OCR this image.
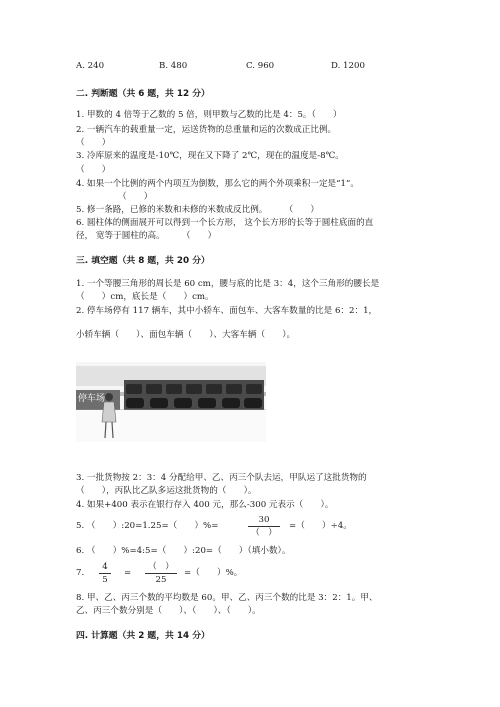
A. 240	B. 480	C. 960	D. 1200
二. 判断题（共 6 题，共 12 分）
1. 甲数的 4 倍等于乙数的 5 倍，则甲数与乙数的比是 4：5。（　　）
2. 一辆汽车的载重量一定，运送货物的总重量和运的次数成正比例。
（　　）
3. 冷库原来的温度是-10℃，现在又下降了 2℃，现在的温度是-8℃。
（　　）
4. 如果一个比例的两个内项互为倒数，那么它的两个外项乘积一定是“1”。
（　　）
5. 修一条路，已修的米数和未修的米数成反比例。　　　（　　）
6. 圆柱体的侧面展开可以得到一个长方形， 这个长方形的长等于圆柱底面的直
径， 宽等于圆柱的高。　　　（　　）
三. 填空题（共 8 题，共 20 分）
1. 一个等腰三角形的周长是 60 cm，腰与底的比是 3：4，这个三角形的腰长是
（　　）cm，底长是（　　）cm。
2. 停车场停有 117 辆车，其中小轿车、面包车、大客车数量的比是 6：2：1，
小轿车辆（　　）、面包车辆（　　）、大客车辆（　　）。
停车场
3. 一批货物按 2：3：4 分配给甲、乙、丙三个队去运，甲队运了这批货物的
（　　），丙队比乙队多运这批货物的（　　）。
4. 如果+400 表示在银行存入 400 元，那么-300 元表示（　　）。
5. （　　）:20=1.25=（　　）%=
30
（　）
=（　　）÷4。
6. （　　）%=4:5=（　　）:20=（　　）（填小数）。
7.
4
5
=
（　）
25
=（　　）%。
8. 甲、乙、丙三个数的平均数是 60。甲、乙、丙三个数的比是 3：2：1。甲、
乙、丙三个数分别是（　　）、（　　）、（　　）。
四. 计算题（共 2 题，共 14 分）
